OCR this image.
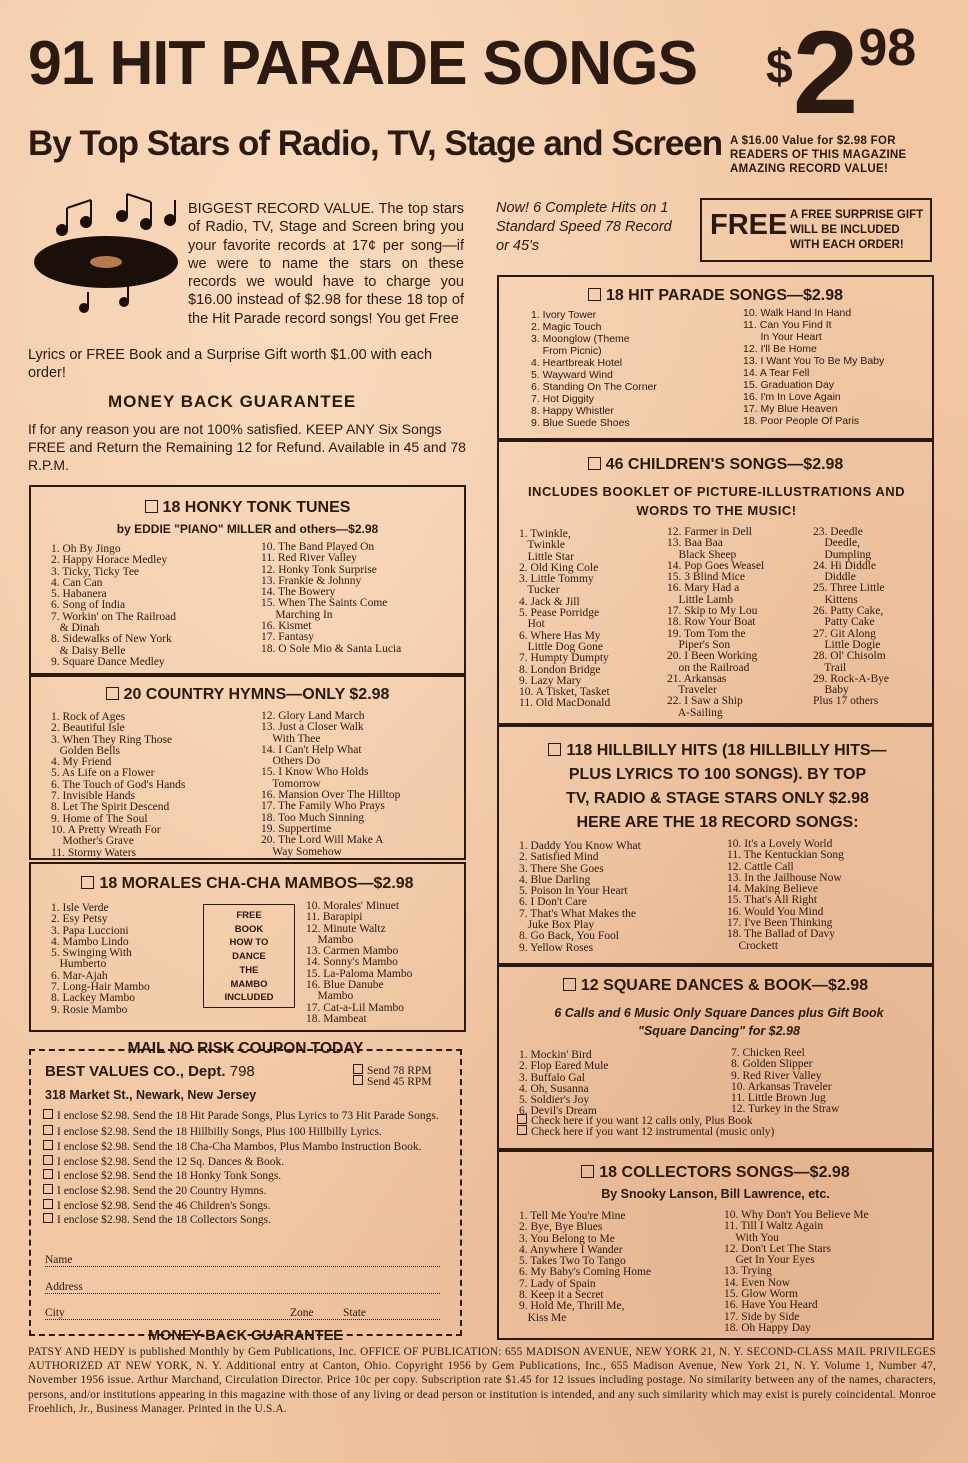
91 HIT PARADE SONGS $298
By Top Stars of Radio, TV, Stage and Screen A $16.00 Value for $2.98 FOR READERS OF THIS MAGAZINE AMAZING RECORD VALUE!
BIGGEST RECORD VALUE. The top stars of Radio, TV, Stage and Screen bring you your favorite records at 17¢ per song—if we were to name the stars on these records we would have to charge you $16.00 instead of $2.98 for these 18 top of the Hit Parade record songs! You get Free
Lyrics or FREE Book and a Surprise Gift worth $1.00 with each order!
MONEY BACK GUARANTEE
If for any reason you are not 100% satisfied. KEEP ANY Six Songs FREE and Return the Remaining 12 for Refund. Available in 45 and 78 R.P.M.
Now! 6 Complete Hits on 1 Standard Speed 78 Record or 45's
FREE A FREE SURPRISE GIFT WILL BE INCLUDED WITH EACH ORDER!
18 HIT PARADE SONGS—$2.98
1. Ivory Tower
2. Magic Touch
3. Moonglow (Theme
From Picnic)
4. Heartbreak Hotel
5. Wayward Wind
6. Standing On The Corner
7. Hot Diggity
8. Happy Whistler
9. Blue Suede Shoes
10. Walk Hand In Hand
11. Can You Find It
In Your Heart
12. I'll Be Home
13. I Want You To Be My Baby
14. A Tear Fell
15. Graduation Day
16. I'm In Love Again
17. My Blue Heaven
18. Poor People Of Paris
18 HONKY TONK TUNES
by EDDIE "PIANO" MILLER and others—$2.98
1. Oh By Jingo
2. Happy Horace Medley
3. Ticky, Ticky Tee
4. Can Can
5. Habanera
6. Song of India
7. Workin' on The Railroad
& Dinah
8. Sidewalks of New York
& Daisy Belle
9. Square Dance Medley
10. The Band Played On
11. Red River Valley
12. Honky Tonk Surprise
13. Frankie & Johnny
14. The Bowery
15. When The Saints Come
Marching In
16. Kismet
17. Fantasy
18. O Sole Mio & Santa Lucia
46 CHILDREN'S SONGS—$2.98
INCLUDES BOOKLET OF PICTURE-ILLUSTRATIONS AND WORDS TO THE MUSIC!
1. Twinkle,
Twinkle
Little Star
2. Old King Cole
3. Little Tommy
Tucker
4. Jack & Jill
5. Pease Porridge
Hot
6. Where Has My
Little Dog Gone
7. Humpty Dumpty
8. London Bridge
9. Lazy Mary
10. A Tisket, Tasket
11. Old MacDonald
12. Farmer in Dell
13. Baa Baa
Black Sheep
14. Pop Goes Weasel
15. 3 Blind Mice
16. Mary Had a
Little Lamb
17. Skip to My Lou
18. Row Your Boat
19. Tom Tom the
Piper's Son
20. I Been Working
on the Railroad
21. Arkansas
Traveler
22. I Saw a Ship
A-Sailing
23. Deedle
Deedle,
Dumpling
24. Hi Diddle
Diddle
25. Three Little
Kittens
26. Patty Cake,
Patty Cake
27. Git Along
Little Dogie
28. Ol' Chisolm
Trail
29. Rock-A-Bye
Baby
Plus 17 others
20 COUNTRY HYMNS—ONLY $2.98
1. Rock of Ages
2. Beautiful Isle
3. When They Ring Those
Golden Bells
4. My Friend
5. As Life on a Flower
6. The Touch of God's Hands
7. Invisible Hands
8. Let The Spirit Descend
9. Home of The Soul
10. A Pretty Wreath For
Mother's Grave
11. Stormy Waters
12. Glory Land March
13. Just a Closer Walk
With Thee
14. I Can't Help What
Others Do
15. I Know Who Holds
Tomorrow
16. Mansion Over The Hilltop
17. The Family Who Prays
18. Too Much Sinning
19. Suppertime
20. The Lord Will Make A
Way Somehow
118 HILLBILLY HITS (18 HILLBILLY HITS—
PLUS LYRICS TO 100 SONGS). BY TOP
TV, RADIO & STAGE STARS ONLY $2.98
HERE ARE THE 18 RECORD SONGS:
1. Daddy You Know What
2. Satisfied Mind
3. There She Goes
4. Blue Darling
5. Poison In Your Heart
6. I Don't Care
7. That's What Makes the
Juke Box Play
8. Go Back, You Fool
9. Yellow Roses
10. It's a Lovely World
11. The Kentuckian Song
12. Cattle Call
13. In the Jailhouse Now
14. Making Believe
15. That's All Right
16. Would You Mind
17. I've Been Thinking
18. The Ballad of Davy
Crockett
18 MORALES CHA-CHA MAMBOS—$2.98
1. Isle Verde
2. Esy Petsy
3. Papa Luccioni
4. Mambo Lindo
5. Swinging With
Humberto
6. Mar-Ajah
7. Long-Hair Mambo
8. Lackey Mambo
9. Rosie Mambo
FREE
BOOK
HOW TO
DANCE
THE
MAMBO
INCLUDED
10. Morales' Minuet
11. Barapipi
12. Minute Waltz
Mambo
13. Carmen Mambo
14. Sonny's Mambo
15. La-Paloma Mambo
16. Blue Danube
Mambo
17. Cat-a-Lil Mambo
18. Mambeat
12 SQUARE DANCES & BOOK—$2.98
6 Calls and 6 Music Only Square Dances plus Gift Book "Square Dancing" for $2.98
1. Mockin' Bird
2. Flop Eared Mule
3. Buffalo Gal
4. Oh, Susanna
5. Soldier's Joy
6. Devil's Dream
7. Chicken Reel
8. Golden Slipper
9. Red River Valley
10. Arkansas Traveler
11. Little Brown Jug
12. Turkey in the Straw
Check here if you want 12 calls only, Plus Book
Check here if you want 12 instrumental (music only)
MAIL NO RISK COUPON TODAY
BEST VALUES CO., Dept. 798	Send 78 RPM
Send 45 RPM
318 Market St., Newark, New Jersey
I enclose $2.98. Send the 18 Hit Parade Songs, Plus Lyrics to 73 Hit Parade Songs.
I enclose $2.98. Send the 18 Hillbilly Songs, Plus 100 Hillbilly Lyrics.
I enclose $2.98. Send the 18 Cha-Cha Mambos, Plus Mambo Instruction Book.
I enclose $2.98. Send the 12 Sq. Dances & Book.
I enclose $2.98. Send the 18 Honky Tonk Songs.
I enclose $2.98. Send the 20 Country Hymns.
I enclose $2.98. Send the 46 Children's Songs.
I enclose $2.98. Send the 18 Collectors Songs.
Name
Address
City	Zone	State
MONEY-BACK GUARANTEE
18 COLLECTORS SONGS—$2.98
By Snooky Lanson, Bill Lawrence, etc.
1. Tell Me You're Mine
2. Bye, Bye Blues
3. You Belong to Me
4. Anywhere I Wander
5. Takes Two To Tango
6. My Baby's Coming Home
7. Lady of Spain
8. Keep it a Secret
9. Hold Me, Thrill Me,
Kiss Me
10. Why Don't You Believe Me
11. Till I Waltz Again
With You
12. Don't Let The Stars
Get In Your Eyes
13. Trying
14. Even Now
15. Glow Worm
16. Have You Heard
17. Side by Side
18. Oh Happy Day
PATSY AND HEDY is published Monthly by Gem Publications, Inc. OFFICE OF PUBLICATION: 655 MADISON AVENUE, NEW YORK 21, N. Y. SECOND-CLASS MAIL PRIVILEGES AUTHORIZED AT NEW YORK, N. Y. Additional entry at Canton, Ohio. Copyright 1956 by Gem Publications, Inc., 655 Madison Avenue, New York 21, N. Y. Volume 1, Number 47, November 1956 issue. Arthur Marchand, Circulation Director. Price 10c per copy. Subscription rate $1.45 for 12 issues including postage. No similarity between any of the names, characters, persons, and/or institutions appearing in this magazine with those of any living or dead person or institution is intended, and any such similarity which may exist is purely coincidental. Monroe Froehlich, Jr., Business Manager. Printed in the U.S.A.
